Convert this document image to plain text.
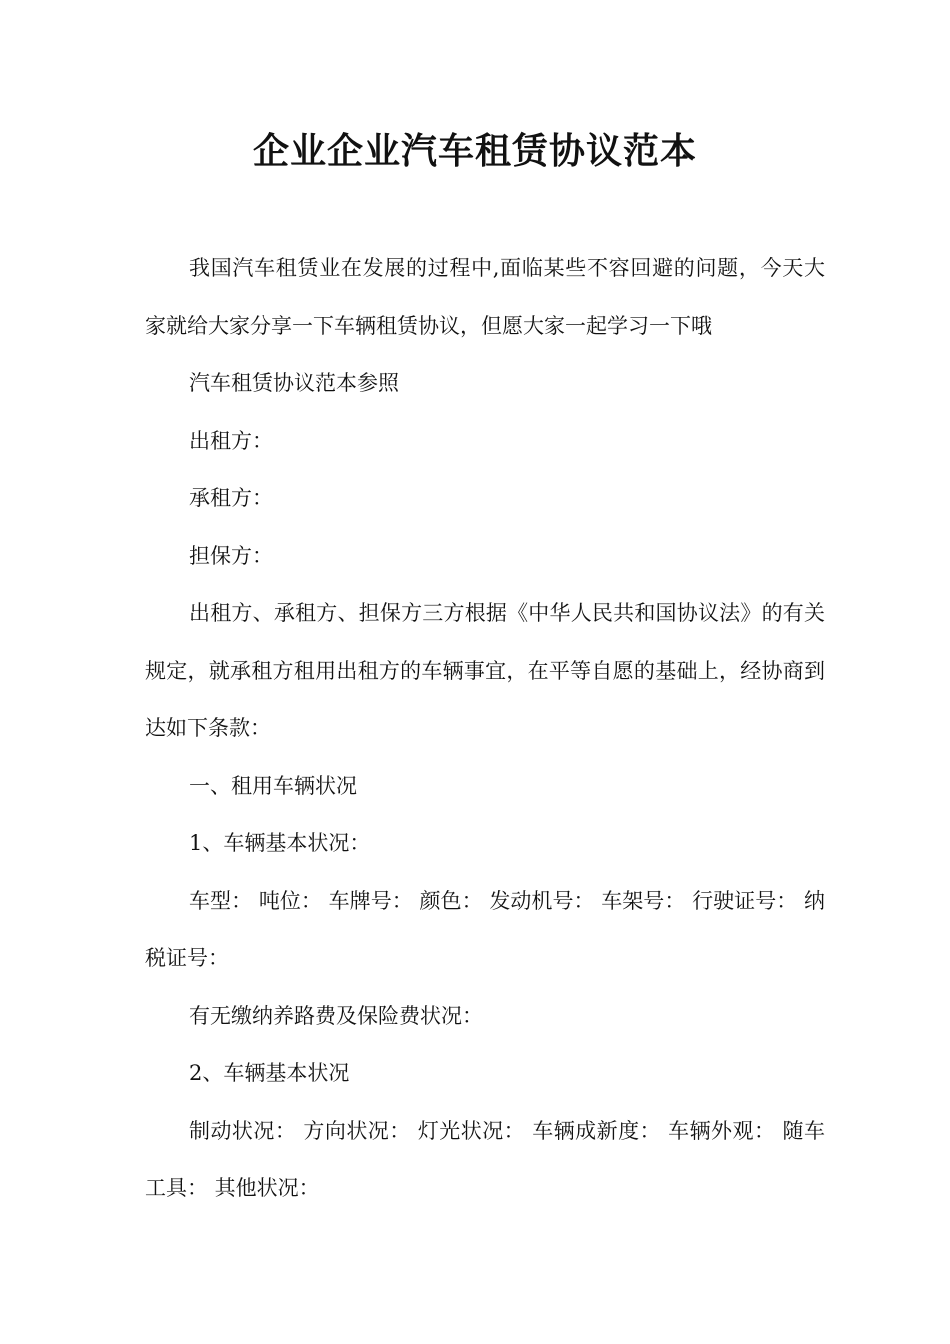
企业企业汽车租赁协议范本

我国汽车租赁业在发展的过程中,面临某些不容回避的问题，今天大家就给大家分享一下车辆租赁协议，但愿大家一起学习一下哦

汽车租赁协议范本参照

出租方：

承租方：

担保方：

出租方、承租方、担保方三方根据《中华人民共和国协议法》的有关规定，就承租方租用出租方的车辆事宜，在平等自愿的基础上，经协商到达如下条款：

一、租用车辆状况

1、车辆基本状况：

车型： 吨位： 车牌号： 颜色： 发动机号： 车架号： 行驶证号： 纳税证号：

有无缴纳养路费及保险费状况：

2、车辆基本状况

制动状况： 方向状况： 灯光状况： 车辆成新度： 车辆外观： 随车工具： 其他状况：
